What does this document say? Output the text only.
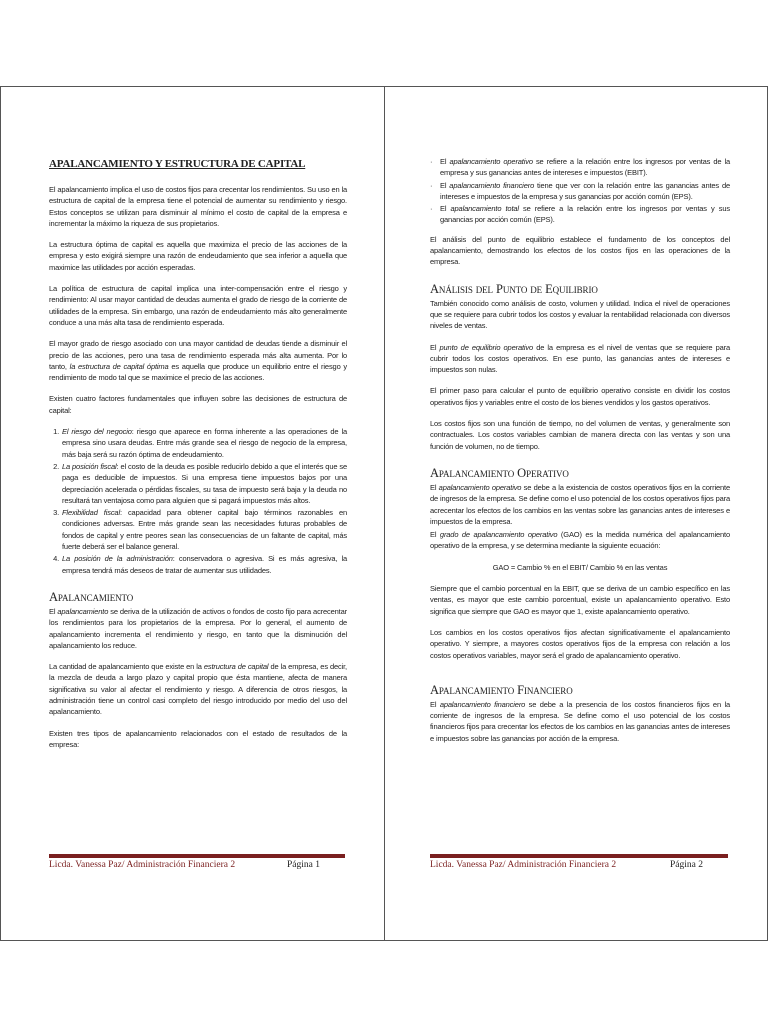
APALANCAMIENTO Y ESTRUCTURA DE CAPITAL

El apalancamiento implica el uso de costos fijos para crecentar los rendimientos. Su uso en la estructura de capital de la empresa tiene el potencial de aumentar su rendimiento y riesgo. Estos conceptos se utilizan para disminuir al mínimo el costo de capital de la empresa e incrementar la máximo la riqueza de sus propietarios.

La estructura óptima de capital es aquella que maximiza el precio de las acciones de la empresa y esto exigirá siempre una razón de endeudamiento que sea inferior a aquella que maximice las utilidades por acción esperadas.

La política de estructura de capital implica una inter-compensación entre el riesgo y rendimiento: Al usar mayor cantidad de deudas aumenta el grado de riesgo de la corriente de utilidades de la empresa. Sin embargo, una razón de endeudamiento más alto generalmente conduce a una más alta tasa de rendimiento esperada.

El mayor grado de riesgo asociado con una mayor cantidad de deudas tiende a disminuir el precio de las acciones, pero una tasa de rendimiento esperada más alta aumenta. Por lo tanto, la estructura de capital óptima es aquella que produce un equilibrio entre el riesgo y rendimiento de modo tal que se maximice el precio de las acciones.

Existen cuatro factores fundamentales que influyen sobre las decisiones de estructura de capital:

1. El riesgo del negocio: riesgo que aparece en forma inherente a las operaciones de la empresa sino usara deudas. Entre más grande sea el riesgo de negocio de la empresa, más baja será su razón óptima de endeudamiento.
2. La posición fiscal: el costo de la deuda es posible reducirlo debido a que el interés que se paga es deducible de impuestos. Si una empresa tiene impuestos bajos por una depreciación acelerada o pérdidas fiscales, su tasa de impuesto será baja y la deuda no resultará tan ventajosa como para alguien que si pagará impuestos más altos.
3. Flexibilidad fiscal: capacidad para obtener capital bajo términos razonables en condiciones adversas. Entre más grande sean las necesidades futuras probables de fondos de capital y entre peores sean las consecuencias de un faltante de capital, más fuerte deberá ser el balance general.
4. La posición de la administración: conservadora o agresiva. Si es más agresiva, la empresa tendrá más deseos de tratar de aumentar sus utilidades.
Apalancamiento

El apalancamiento se deriva de la utilización de activos o fondos de costo fijo para acrecentar los rendimientos para los propietarios de la empresa. Por lo general, el aumento de apalancamiento incrementa el rendimiento y riesgo, en tanto que la disminución del apalancamiento los reduce.

La cantidad de apalancamiento que existe en la estructura de capital de la empresa, es decir, la mezcla de deuda a largo plazo y capital propio que ésta mantiene, afecta de manera significativa su valor al afectar el rendimiento y riesgo. A diferencia de otros riesgos, la administración tiene un control casi completo del riesgo introducido por medio del uso del apalancamiento.

Existen tres tipos de apalancamiento relacionados con el estado de resultados de la empresa:

Licda. Vanessa Paz/ Administración Financiera 2	Página 1
· El apalancamiento operativo se refiere a la relación entre los ingresos por ventas de la empresa y sus ganancias antes de intereses e impuestos (EBIT).
· El apalancamiento financiero tiene que ver con la relación entre las ganancias antes de intereses e impuestos de la empresa y sus ganancias por acción común (EPS).
· El apalancamiento total se refiere a la relación entre los ingresos por ventas y sus ganancias por acción común (EPS).

El análisis del punto de equilibrio establece el fundamento de los conceptos del apalancamiento, demostrando los efectos de los costos fijos en las operaciones de la empresa.

Análisis del Punto de Equilibrio

También conocido como análisis de costo, volumen y utilidad. Indica el nivel de operaciones que se requiere para cubrir todos los costos y evaluar la rentabilidad relacionada con diversos niveles de ventas.

El punto de equilibrio operativo de la empresa es el nivel de ventas que se requiere para cubrir todos los costos operativos. En ese punto, las ganancias antes de intereses e impuestos son nulas.

El primer paso para calcular el punto de equilibrio operativo consiste en dividir los costos operativos fijos y variables entre el costo de los bienes vendidos y los gastos operativos.

Los costos fijos son una función de tiempo, no del volumen de ventas, y generalmente son contractuales. Los costos variables cambian de manera directa con las ventas y son una función de volumen, no de tiempo.

Apalancamiento Operativo

El apalancamiento operativo se debe a la existencia de costos operativos fijos en la corriente de ingresos de la empresa. Se define como el uso potencial de los costos operativos fijos para acrecentar los efectos de los cambios en las ventas sobre las ganancias antes de intereses e impuestos de la empresa.

El grado de apalancamiento operativo (GAO) es la medida numérica del apalancamiento operativo de la empresa, y se determina mediante la siguiente ecuación:

GAO = Cambio % en el EBIT/ Cambio % en las ventas

Siempre que el cambio porcentual en la EBIT, que se deriva de un cambio específico en las ventas, es mayor que este cambio porcentual, existe un apalancamiento operativo. Esto significa que siempre que GAO es mayor que 1, existe apalancamiento operativo.

Los cambios en los costos operativos fijos afectan significativamente el apalancamiento operativo. Y siempre, a mayores costos operativos fijos de la empresa con relación a los costos operativos variables, mayor será el grado de apalancamiento operativo.

Apalancamiento Financiero

El apalancamiento financiero se debe a la presencia de los costos financieros fijos en la corriente de ingresos de la empresa. Se define como el uso potencial de los costos financieros fijos para crecentar los efectos de los cambios en las ganancias antes de intereses e impuestos sobre las ganancias por acción de la empresa.

Licda. Vanessa Paz/ Administración Financiera 2	Página 2
